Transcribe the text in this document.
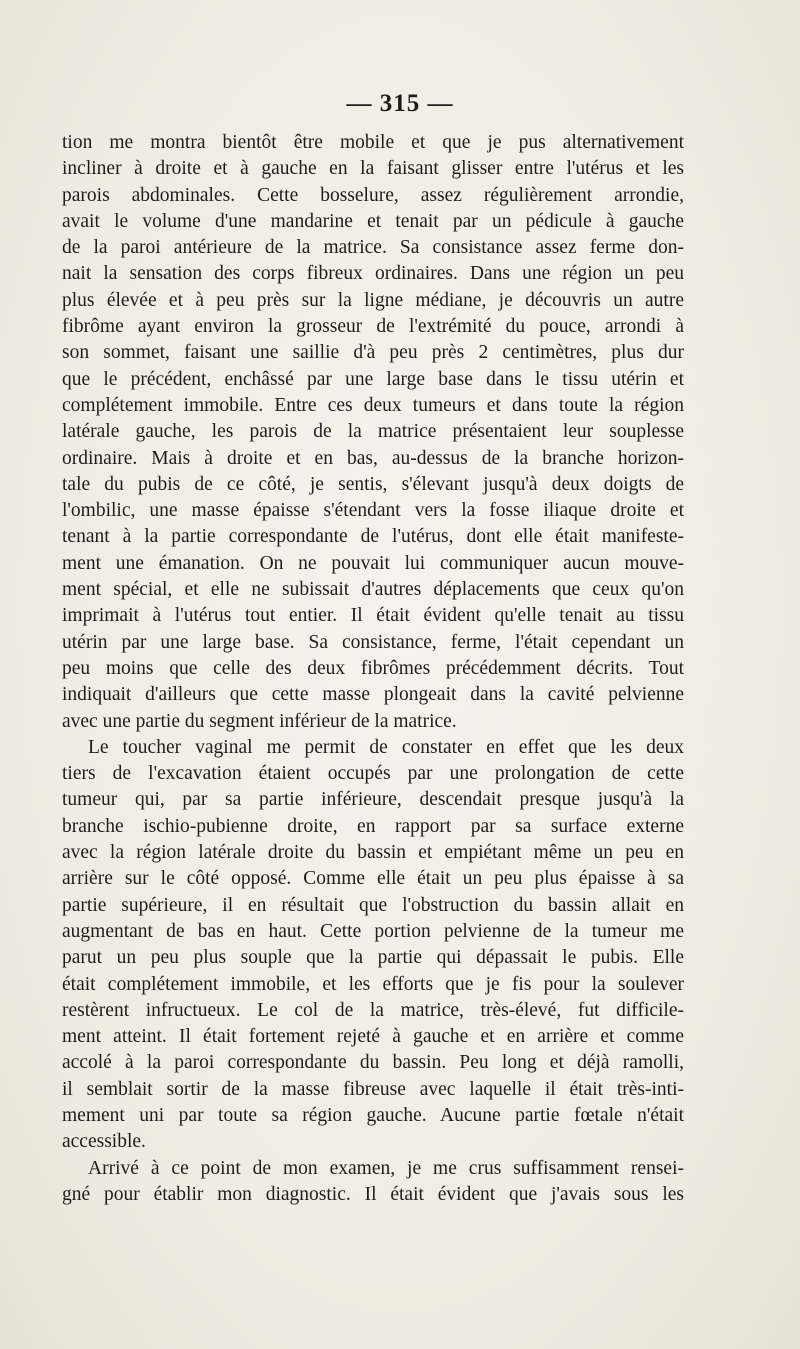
— 315 —
tion me montra bientôt être mobile et que je pus alternativement
incliner à droite et à gauche en la faisant glisser entre l'utérus et les
parois abdominales. Cette bosselure, assez régulièrement arrondie,
avait le volume d'une mandarine et tenait par un pédicule à gauche
de la paroi antérieure de la matrice. Sa consistance assez ferme don-
nait la sensation des corps fibreux ordinaires. Dans une région un peu
plus élevée et à peu près sur la ligne médiane, je découvris un autre
fibrôme ayant environ la grosseur de l'extrémité du pouce, arrondi à
son sommet, faisant une saillie d'à peu près 2 centimètres, plus dur
que le précédent, enchâssé par une large base dans le tissu utérin et
complétement immobile. Entre ces deux tumeurs et dans toute la région
latérale gauche, les parois de la matrice présentaient leur souplesse
ordinaire. Mais à droite et en bas, au-dessus de la branche horizon-
tale du pubis de ce côté, je sentis, s'élevant jusqu'à deux doigts de
l'ombilic, une masse épaisse s'étendant vers la fosse iliaque droite et
tenant à la partie correspondante de l'utérus, dont elle était manifeste-
ment une émanation. On ne pouvait lui communiquer aucun mouve-
ment spécial, et elle ne subissait d'autres déplacements que ceux qu'on
imprimait à l'utérus tout entier. Il était évident qu'elle tenait au tissu
utérin par une large base. Sa consistance, ferme, l'était cependant un
peu moins que celle des deux fibrômes précédemment décrits. Tout
indiquait d'ailleurs que cette masse plongeait dans la cavité pelvienne
avec une partie du segment inférieur de la matrice.
Le toucher vaginal me permit de constater en effet que les deux
tiers de l'excavation étaient occupés par une prolongation de cette
tumeur qui, par sa partie inférieure, descendait presque jusqu'à la
branche ischio-pubienne droite, en rapport par sa surface externe
avec la région latérale droite du bassin et empiétant même un peu en
arrière sur le côté opposé. Comme elle était un peu plus épaisse à sa
partie supérieure, il en résultait que l'obstruction du bassin allait en
augmentant de bas en haut. Cette portion pelvienne de la tumeur me
parut un peu plus souple que la partie qui dépassait le pubis. Elle
était complétement immobile, et les efforts que je fis pour la soulever
restèrent infructueux. Le col de la matrice, très-élevé, fut difficile-
ment atteint. Il était fortement rejeté à gauche et en arrière et comme
accolé à la paroi correspondante du bassin. Peu long et déjà ramolli,
il semblait sortir de la masse fibreuse avec laquelle il était très-inti-
mement uni par toute sa région gauche. Aucune partie fœtale n'était
accessible.
Arrivé à ce point de mon examen, je me crus suffisamment rensei-
gné pour établir mon diagnostic. Il était évident que j'avais sous les
